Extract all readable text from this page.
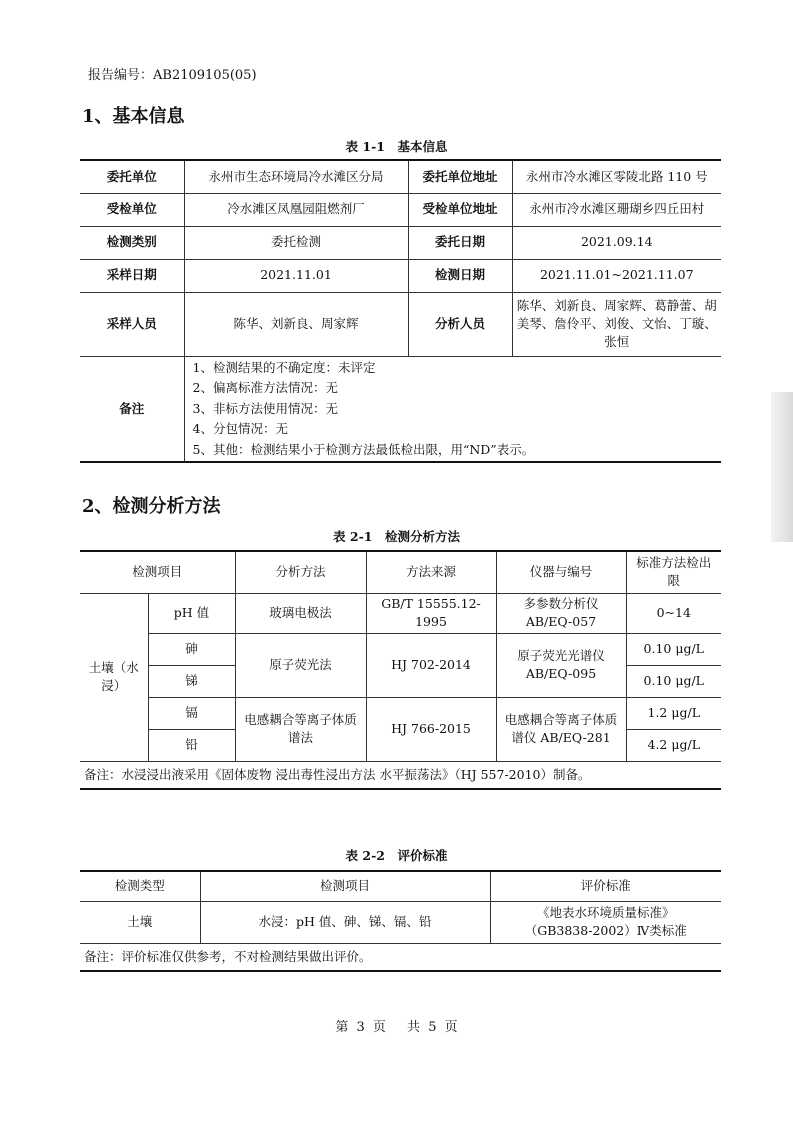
报告编号：AB2109105(05)
1、基本信息
表 1-1　基本信息
委托单位	永州市生态环境局冷水滩区分局	委托单位地址	永州市冷水滩区零陵北路 110 号
受检单位	冷水滩区凤凰园阻燃剂厂	受检单位地址	永州市冷水滩区珊瑚乡四丘田村
检测类别	委托检测	委托日期	2021.09.14
采样日期	2021.11.01	检测日期	2021.11.01~2021.11.07
采样人员	陈华、刘新良、周家辉	分析人员	陈华、刘新良、周家辉、葛静蕾、胡美琴、詹伶平、刘俊、文怡、丁璇、张恒
备注	1、检测结果的不确定度：未评定
2、偏离标准方法情况：无
3、非标方法使用情况：无
4、分包情况：无
5、其他：检测结果小于检测方法最低检出限，用“ND”表示。		
2、检测分析方法
表 2-1　检测分析方法
检测项目		分析方法	方法来源	仪器与编号	标准方法检出限
土壤（水浸）	pH 值	玻璃电极法	GB/T 15555.12-1995	多参数分析仪 AB/EQ-057	0~14
	砷	原子荧光法	HJ 702-2014	原子荧光光谱仪 AB/EQ-095	0.10 μg/L
	锑				0.10 μg/L
	镉	电感耦合等离子体质谱法	HJ 766-2015	电感耦合等离子体质谱仪 AB/EQ-281	1.2 μg/L
	铅				4.2 μg/L
备注：水浸浸出液采用《固体废物 浸出毒性浸出方法 水平振荡法》（HJ 557-2010）制备。					
表 2-2　评价标准
检测类型	检测项目	评价标准
土壤	水浸：pH 值、砷、锑、镉、铅	《地表水环境质量标准》
（GB3838-2002）Ⅳ类标准

备注：评价标准仅供参考，不对检测结果做出评价。		
第 3 页　 共 5 页
